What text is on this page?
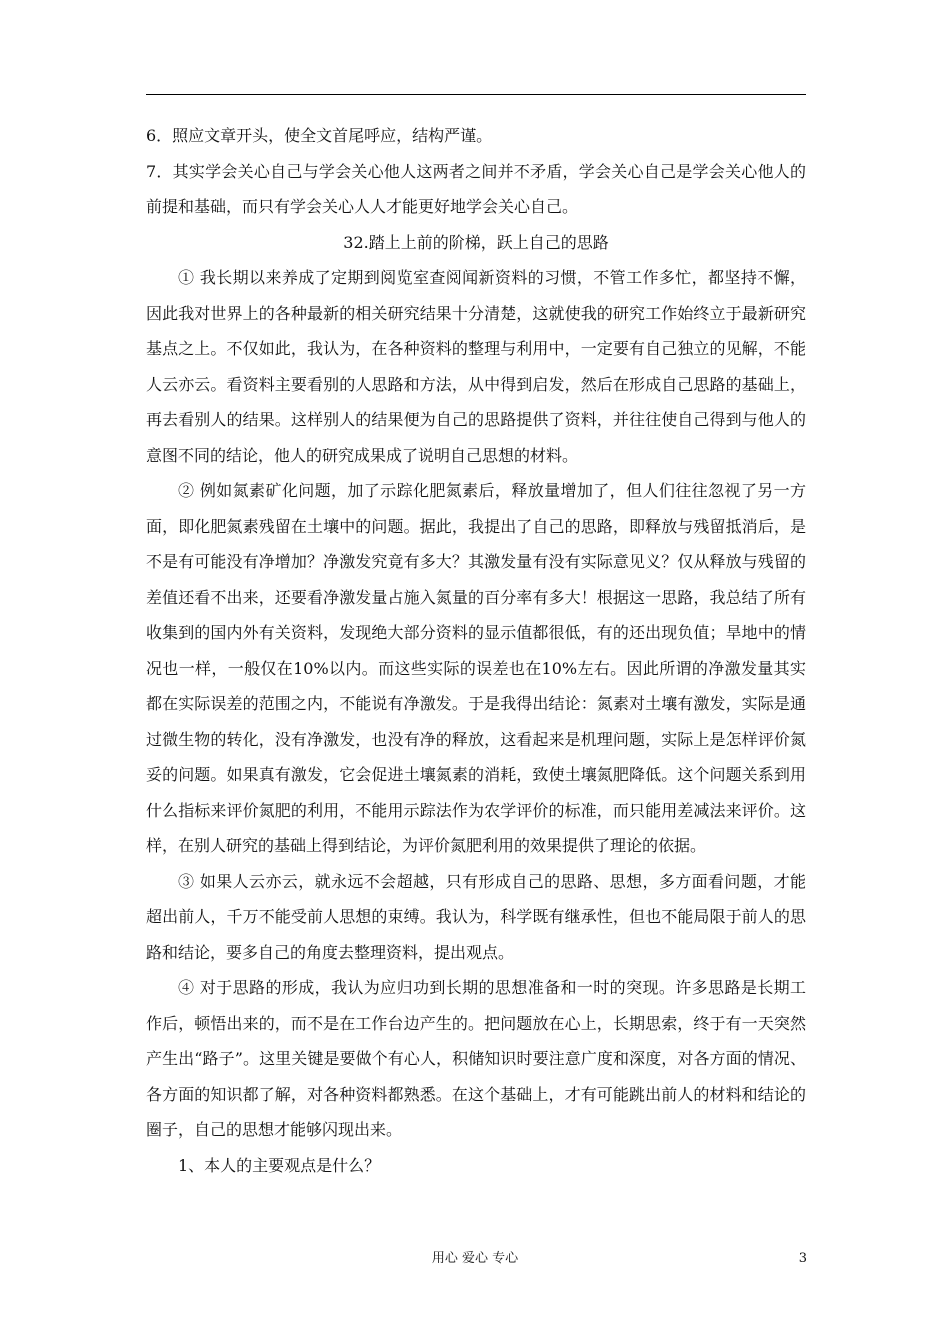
6．照应文章开头，使全文首尾呼应，结构严谨。

7．其实学会关心自己与学会关心他人这两者之间并不矛盾，学会关心自己是学会关心他人的前提和基础，而只有学会关心人人才能更好地学会关心自己。

32.踏上上前的阶梯，跃上自己的思路

① 我长期以来养成了定期到阅览室查阅闻新资料的习惯，不管工作多忙，都坚持不懈，因此我对世界上的各种最新的相关研究结果十分清楚，这就使我的研究工作始终立于最新研究基点之上。不仅如此，我认为，在各种资料的整理与利用中，一定要有自己独立的见解，不能人云亦云。看资料主要看别的人思路和方法，从中得到启发，然后在形成自己思路的基础上，再去看别人的结果。这样别人的结果便为自己的思路提供了资料，并往往使自己得到与他人的意图不同的结论，他人的研究成果成了说明自己思想的材料。

② 例如氮素矿化问题，加了示踪化肥氮素后，释放量增加了，但人们往往忽视了另一方面，即化肥氮素残留在土壤中的问题。据此，我提出了自己的思路，即释放与残留抵消后，是不是有可能没有净增加？净激发究竟有多大？其激发量有没有实际意见义？仅从释放与残留的差值还看不出来，还要看净激发量占施入氮量的百分率有多大！根据这一思路，我总结了所有收集到的国内外有关资料，发现绝大部分资料的显示值都很低，有的还出现负值；旱地中的情况也一样，一般仅在10%以内。而这些实际的误差也在10%左右。因此所谓的净激发量其实都在实际误差的范围之内，不能说有净激发。于是我得出结论：氮素对土壤有激发，实际是通过微生物的转化，没有净激发，也没有净的释放，这看起来是机理问题，实际上是怎样评价氮妥的问题。如果真有激发，它会促进土壤氮素的消耗，致使土壤氮肥降低。这个问题关系到用什么指标来评价氮肥的利用，不能用示踪法作为农学评价的标准，而只能用差减法来评价。这样，在别人研究的基础上得到结论，为评价氮肥利用的效果提供了理论的依据。

③ 如果人云亦云，就永远不会超越，只有形成自己的思路、思想，多方面看问题，才能超出前人，千万不能受前人思想的束缚。我认为，科学既有继承性，但也不能局限于前人的思路和结论，要多自己的角度去整理资料，提出观点。

④ 对于思路的形成，我认为应归功到长期的思想准备和一时的突现。许多思路是长期工作后，顿悟出来的，而不是在工作台边产生的。把问题放在心上，长期思索，终于有一天突然产生出“路子”。这里关键是要做个有心人，积储知识时要注意广度和深度，对各方面的情况、各方面的知识都了解，对各种资料都熟悉。在这个基础上，才有可能跳出前人的材料和结论的圈子，自己的思想才能够闪现出来。

1、本人的主要观点是什么？

用心 爱心 专心	3
